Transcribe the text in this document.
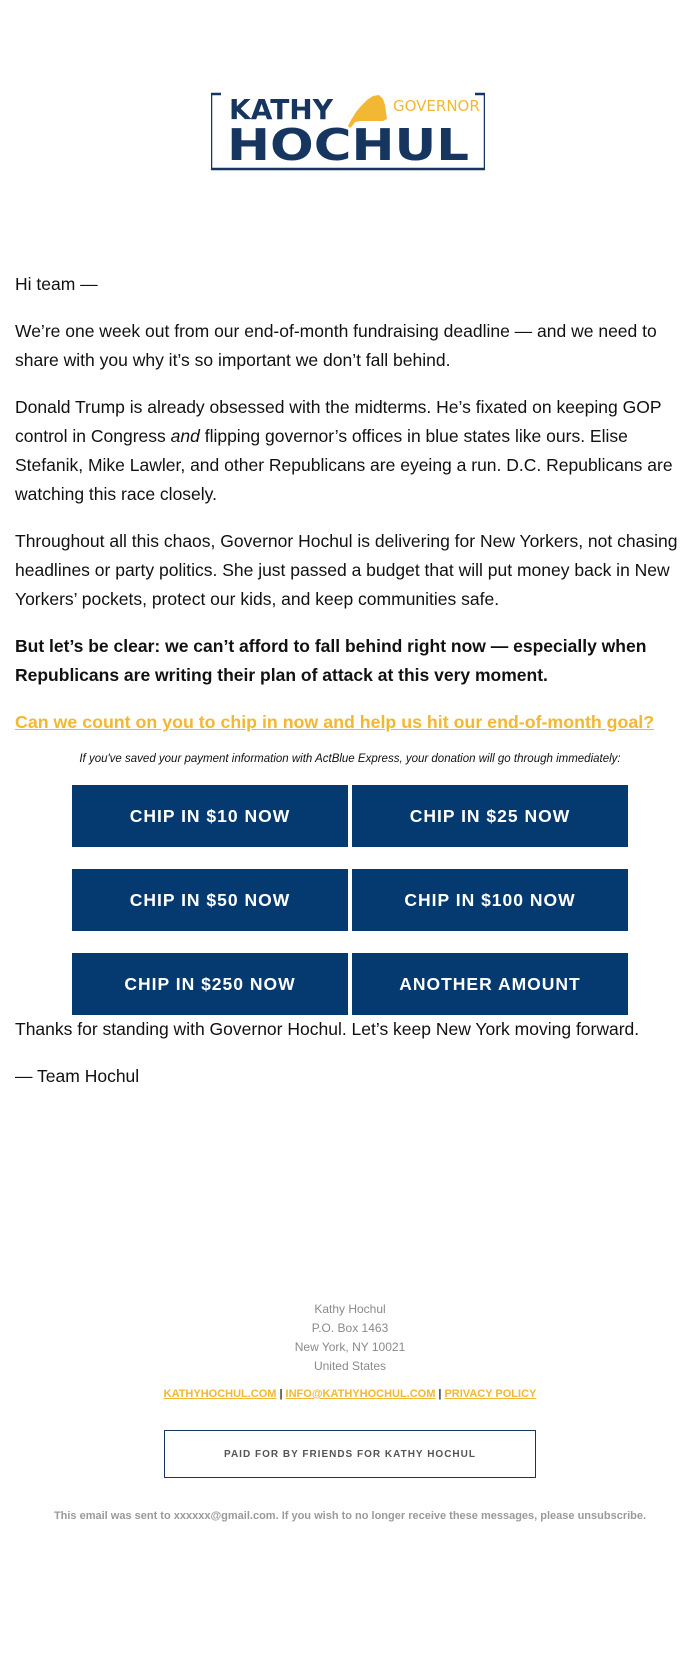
KATHY	GOVERNOR
HOCHUL

Hi team —

We’re one week out from our end-of-month fundraising deadline — and we need to share with you why it’s so important we don’t fall behind.

Donald Trump is already obsessed with the midterms. He’s fixated on keeping GOP control in Congress and flipping governor’s offices in blue states like ours. Elise Stefanik, Mike Lawler, and other Republicans are eyeing a run. D.C. Republicans are watching this race closely.

Throughout all this chaos, Governor Hochul is delivering for New Yorkers, not chasing headlines or party politics. She just passed a budget that will put money back in New Yorkers’ pockets, protect our kids, and keep communities safe.

But let’s be clear: we can’t afford to fall behind right now — especially when Republicans are writing their plan of attack at this very moment.

Can we count on you to chip in now and help us hit our end-of-month goal?

If you've saved your payment information with ActBlue Express, your donation will go through immediately:

CHIP IN $10 NOW	CHIP IN $25 NOW
CHIP IN $50 NOW	CHIP IN $100 NOW
CHIP IN $250 NOW	ANOTHER AMOUNT

Thanks for standing with Governor Hochul. Let’s keep New York moving forward.

— Team Hochul

Kathy Hochul
P.O. Box 1463
New York, NY 10021
United States
KATHYHOCHUL.COM | INFO@KATHYHOCHUL.COM | PRIVACY POLICY
PAID FOR BY FRIENDS FOR KATHY HOCHUL
This email was sent to xxxxxx@gmail.com. If you wish to no longer receive these messages, please unsubscribe.
